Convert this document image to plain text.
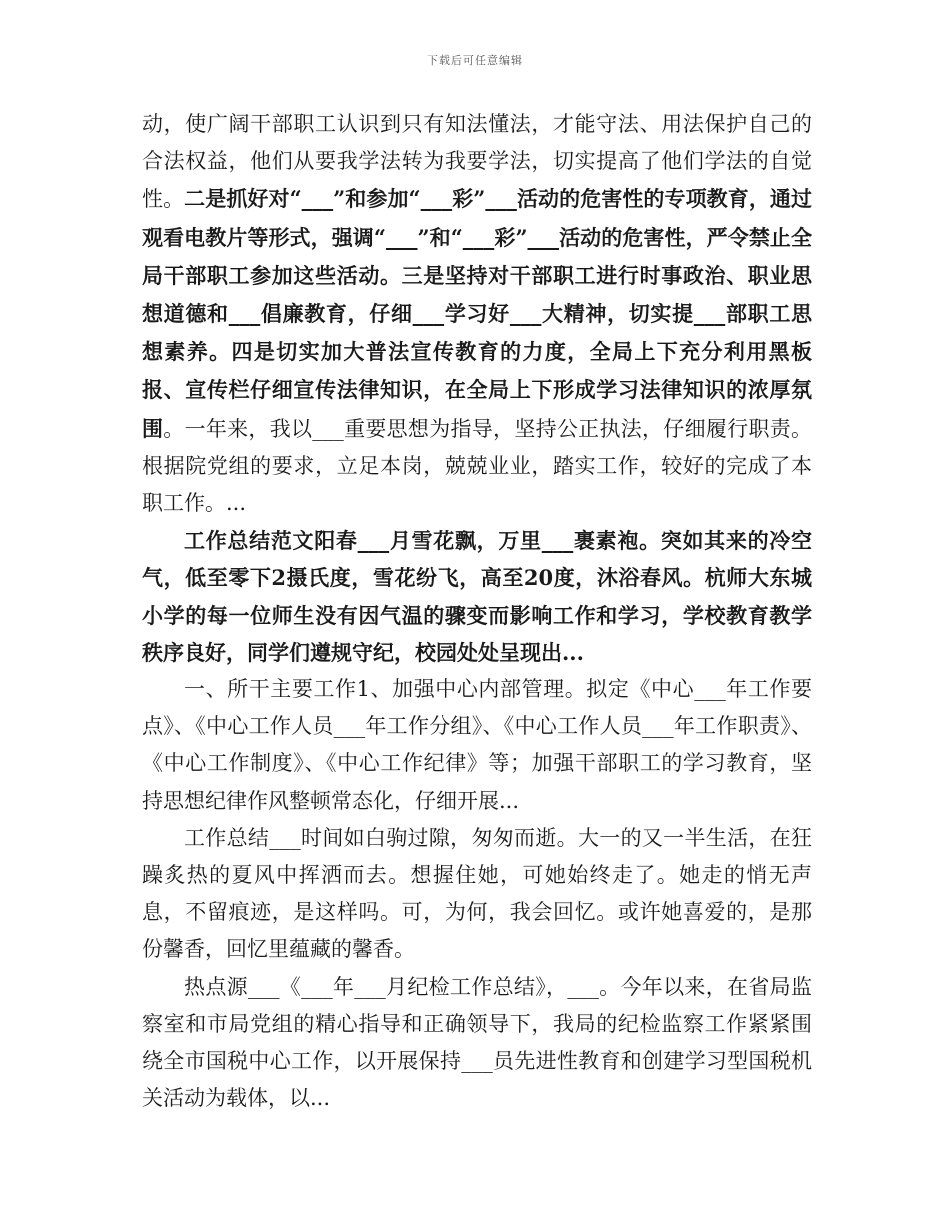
下载后可任意编辑

动，使广阔干部职工认识到只有知法懂法，才能守法、用法保护自己的合法权益，他们从要我学法转为我要学法，切实提高了他们学法的自觉性。二是抓好对“___”和参加“___彩”___活动的危害性的专项教育，通过观看电教片等形式，强调“___”和“___彩”___活动的危害性，严令禁止全局干部职工参加这些活动。三是坚持对干部职工进行时事政治、职业思想道德和___倡廉教育，仔细___学习好___大精神，切实提___部职工思想素养。四是切实加大普法宣传教育的力度，全局上下充分利用黑板报、宣传栏仔细宣传法律知识，在全局上下形成学习法律知识的浓厚氛围。一年来，我以___重要思想为指导，坚持公正执法，仔细履行职责。根据院党组的要求，立足本岗，兢兢业业，踏实工作，较好的完成了本职工作。...

工作总结范文阳春___月雪花飘，万里___裹素袍。突如其来的冷空气，低至零下2摄氏度，雪花纷飞，高至20度，沐浴春风。杭师大东城小学的每一位师生没有因气温的骤变而影响工作和学习，学校教育教学秩序良好，同学们遵规守纪，校园处处呈现出...

一、所干主要工作1、加强中心内部管理。拟定《中心___年工作要点》、《中心工作人员___年工作分组》、《中心工作人员___年工作职责》、《中心工作制度》、《中心工作纪律》等；加强干部职工的学习教育，坚持思想纪律作风整顿常态化，仔细开展...

工作总结___时间如白驹过隙，匆匆而逝。大一的又一半生活，在狂躁炙热的夏风中挥洒而去。想握住她，可她始终走了。她走的悄无声息，不留痕迹，是这样吗。可，为何，我会回忆。或许她喜爱的，是那份馨香，回忆里蕴藏的馨香。

热点源___《___年___月纪检工作总结》，___。今年以来，在省局监察室和市局党组的精心指导和正确领导下，我局的纪检监察工作紧紧围绕全市国税中心工作，以开展保持___员先进性教育和创建学习型国税机关活动为载体，以...
